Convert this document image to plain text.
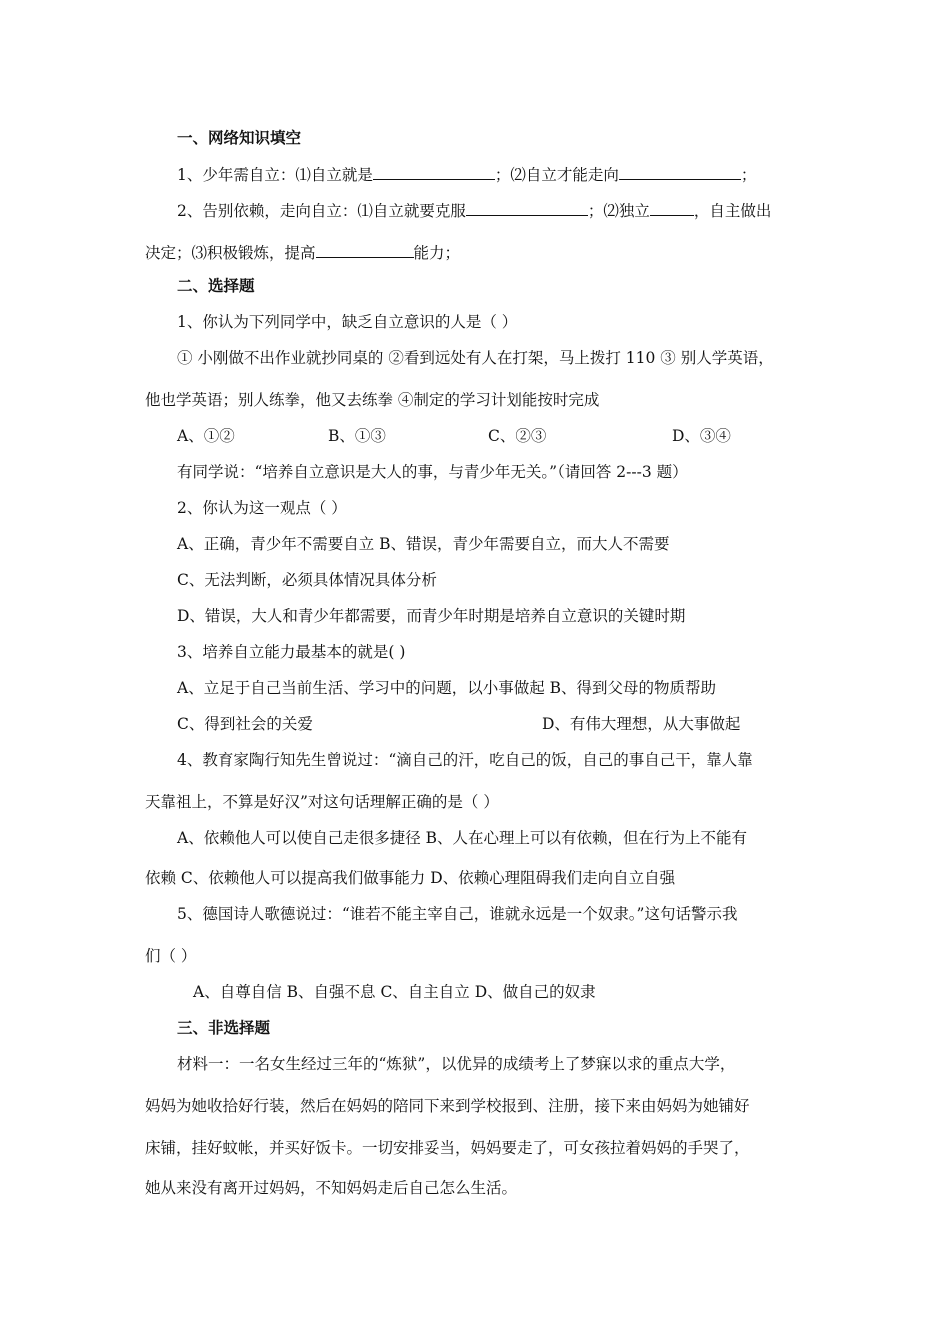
一、网络知识填空
1、少年需自立：⑴自立就是	；⑵自立才能走向	；
2、告别依赖，走向自立：⑴自立就要克服	；⑵独立	，自主做出
决定；⑶积极锻炼，提高	能力；
二、选择题
1、你认为下列同学中，缺乏自立意识的人是（ ）
① 小刚做不出作业就抄同桌的 ②看到远处有人在打架，马上拨打 110 ③ 别人学英语，
他也学英语；别人练拳，他又去练拳 ④制定的学习计划能按时完成
A、①②	B、①③	C、②③	D、③④
有同学说：“培养自立意识是大人的事，与青少年无关。”（请回答 2---3 题）
2、你认为这一观点（ ）
A、正确，青少年不需要自立 B、错误，青少年需要自立，而大人不需要
C、无法判断，必须具体情况具体分析
D、错误，大人和青少年都需要，而青少年时期是培养自立意识的关键时期
3、培养自立能力最基本的就是( )
A、立足于自己当前生活、学习中的问题，以小事做起 B、得到父母的物质帮助
C、得到社会的关爱	D、有伟大理想，从大事做起
4、教育家陶行知先生曾说过：“滴自己的汗，吃自己的饭，自己的事自己干，靠人靠
天靠祖上，不算是好汉”对这句话理解正确的是（ ）
A、依赖他人可以使自己走很多捷径 B、人在心理上可以有依赖，但在行为上不能有
依赖 C、依赖他人可以提高我们做事能力 D、依赖心理阻碍我们走向自立自强
5、德国诗人歌德说过：“谁若不能主宰自己，谁就永远是一个奴隶。”这句话警示我
们（ ）
A、自尊自信 B、自强不息 C、自主自立 D、做自己的奴隶
三、非选择题
材料一：一名女生经过三年的“炼狱”，以优异的成绩考上了梦寐以求的重点大学，
妈妈为她收拾好行装，然后在妈妈的陪同下来到学校报到、注册，接下来由妈妈为她铺好
床铺，挂好蚊帐，并买好饭卡。一切安排妥当，妈妈要走了，可女孩拉着妈妈的手哭了，
她从来没有离开过妈妈，不知妈妈走后自己怎么生活。
